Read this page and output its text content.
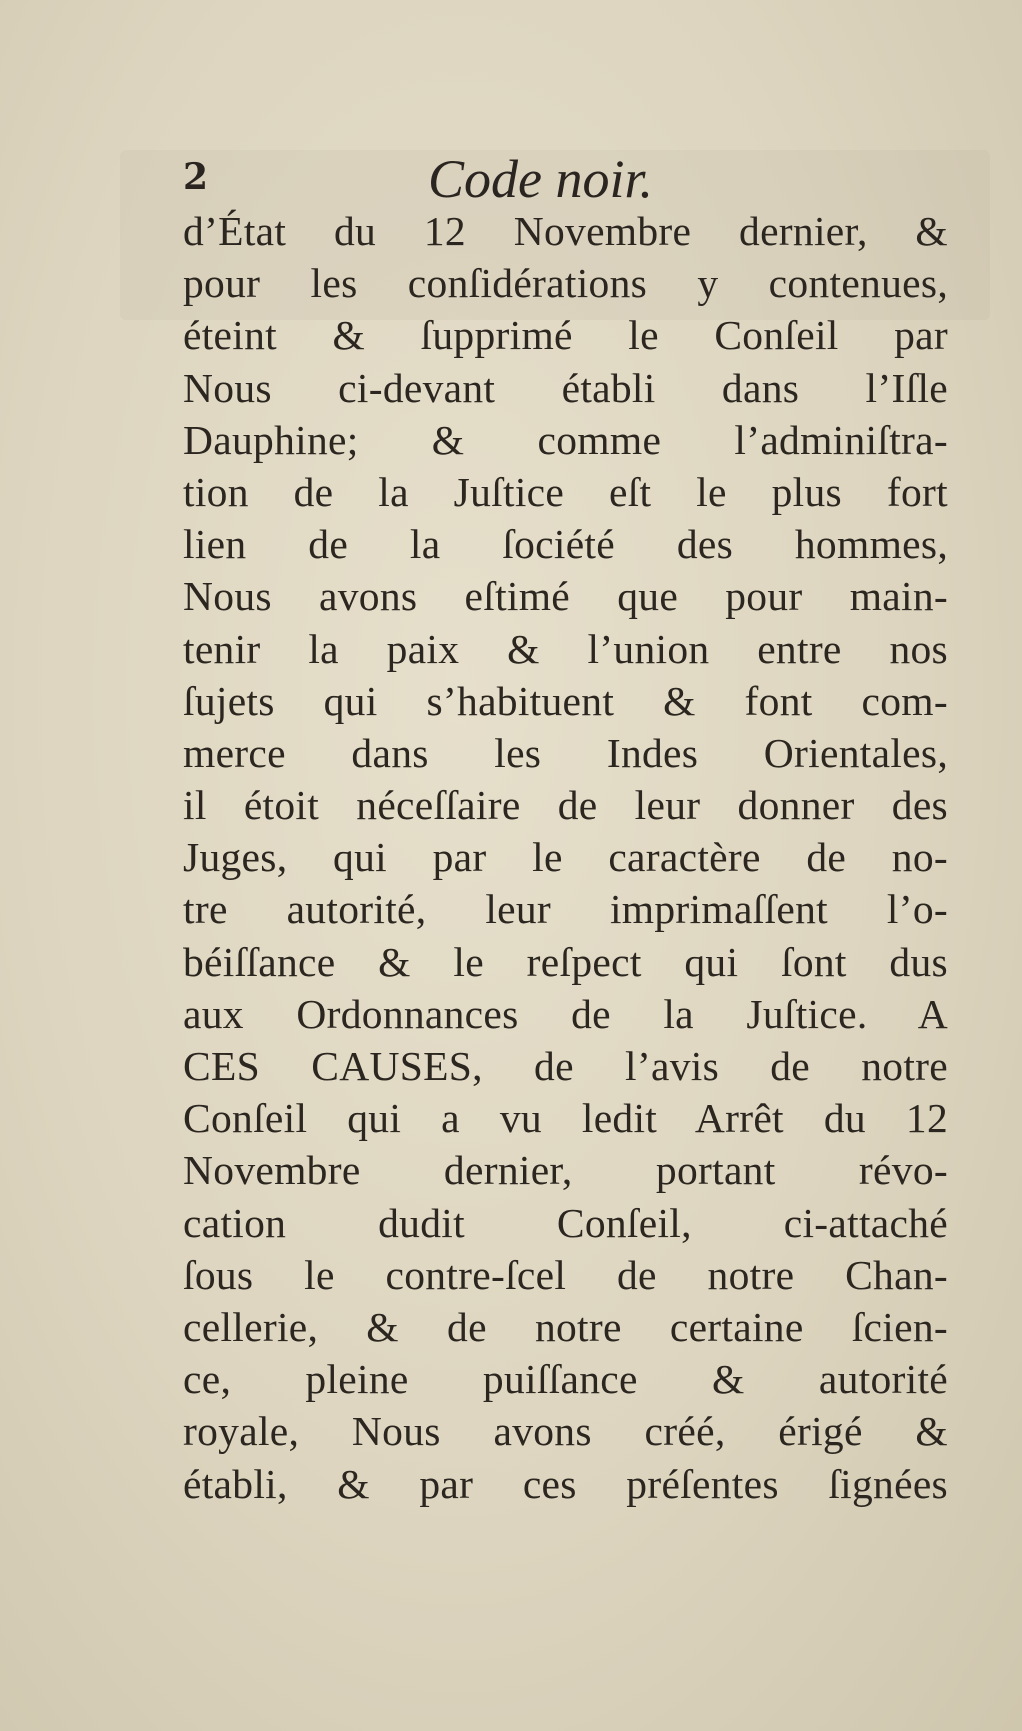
2	Code noir.
d’État du 12 Novembre dernier, &
pour les conſidérations y contenues,
éteint & ſupprimé le Conſeil par
Nous ci-devant établi dans l’Iſle
Dauphine; & comme l’adminiſtra-
tion de la Juſtice eſt le plus fort
lien de la ſociété des hommes,
Nous avons eſtimé que pour main-
tenir la paix & l’union entre nos
ſujets qui s’habituent & font com-
merce dans les Indes Orientales,
il étoit néceſſaire de leur donner des
Juges, qui par le caractère de no-
tre autorité, leur imprimaſſent l’o-
béiſſance & le reſpect qui ſont dus
aux Ordonnances de la Juſtice. A
CES CAUSES, de l’avis de notre
Conſeil qui a vu ledit Arrêt du 12
Novembre dernier, portant révo-
cation dudit Conſeil, ci-attaché
ſous le contre-ſcel de notre Chan-
cellerie, & de notre certaine ſcien-
ce, pleine puiſſance & autorité
royale, Nous avons créé, érigé &
établi, & par ces préſentes ſignées
